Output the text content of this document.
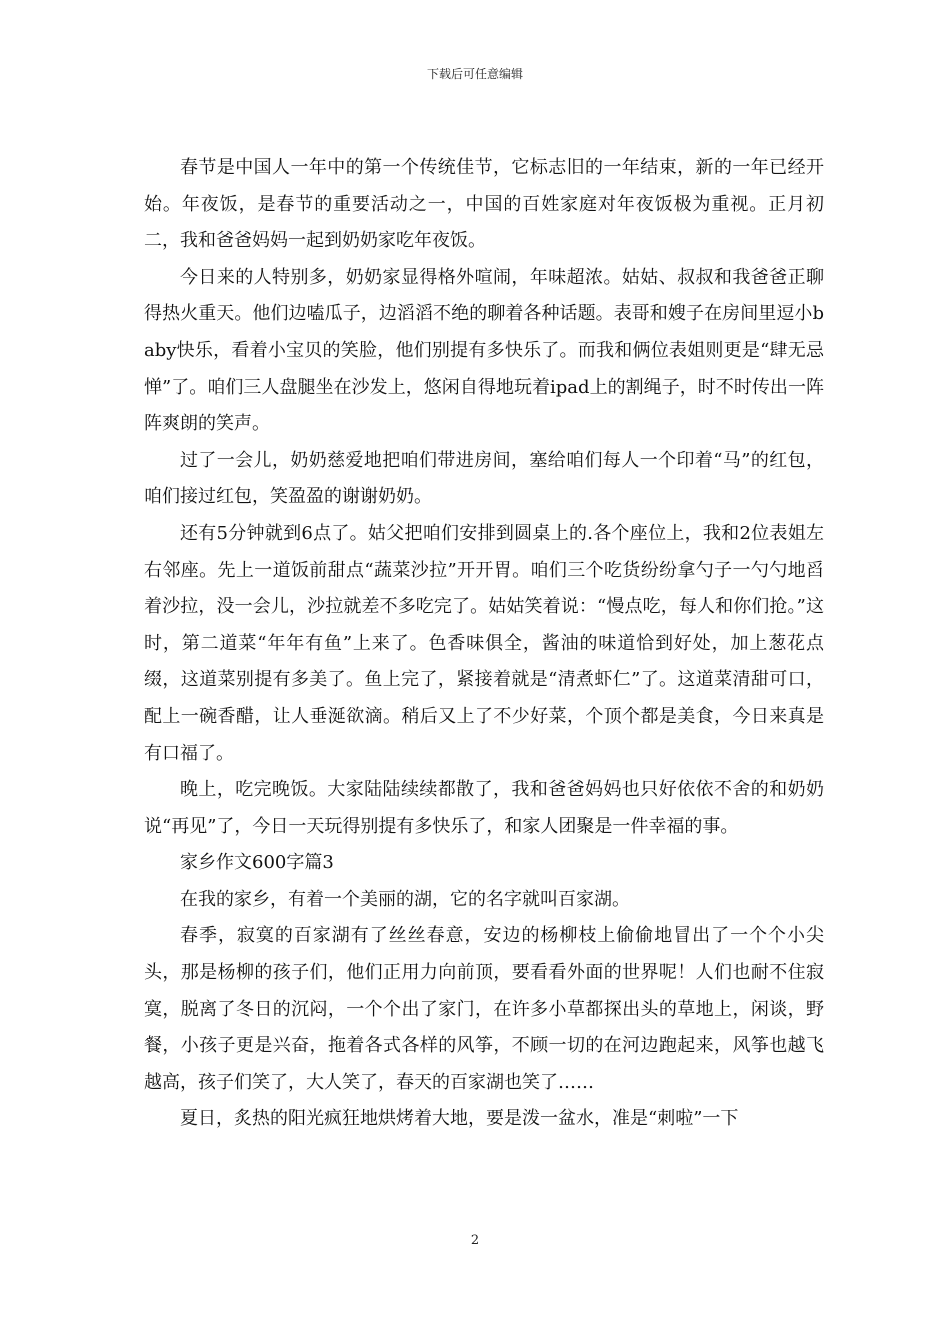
下载后可任意编辑

春节是中国人一年中的第一个传统佳节，它标志旧的一年结束，新的一年已经开始。年夜饭，是春节的重要活动之一，中国的百姓家庭对年夜饭极为重视。正月初二，我和爸爸妈妈一起到奶奶家吃年夜饭。

今日来的人特别多，奶奶家显得格外喧闹，年味超浓。姑姑、叔叔和我爸爸正聊得热火重天。他们边嗑瓜子，边滔滔不绝的聊着各种话题。表哥和嫂子在房间里逗小baby快乐，看着小宝贝的笑脸，他们别提有多快乐了。而我和俩位表姐则更是“肆无忌惮”了。咱们三人盘腿坐在沙发上，悠闲自得地玩着ipad上的割绳子，时不时传出一阵阵爽朗的笑声。

过了一会儿，奶奶慈爱地把咱们带进房间，塞给咱们每人一个印着“马”的红包，咱们接过红包，笑盈盈的谢谢奶奶。

还有5分钟就到6点了。姑父把咱们安排到圆桌上的.各个座位上，我和2位表姐左右邻座。先上一道饭前甜点“蔬菜沙拉”开开胃。咱们三个吃货纷纷拿勺子一勺勺地舀着沙拉，没一会儿，沙拉就差不多吃完了。姑姑笑着说：“慢点吃，每人和你们抢。”这时，第二道菜“年年有鱼”上来了。色香味俱全，酱油的味道恰到好处，加上葱花点缀，这道菜别提有多美了。鱼上完了，紧接着就是“清煮虾仁”了。这道菜清甜可口，配上一碗香醋，让人垂涎欲滴。稍后又上了不少好菜，个顶个都是美食，今日来真是有口福了。

晚上，吃完晚饭。大家陆陆续续都散了，我和爸爸妈妈也只好依依不舍的和奶奶说“再见”了，今日一天玩得别提有多快乐了，和家人团聚是一件幸福的事。

家乡作文600字篇3

在我的家乡，有着一个美丽的湖，它的名字就叫百家湖。

春季，寂寞的百家湖有了丝丝春意，安边的杨柳枝上偷偷地冒出了一个个小尖头，那是杨柳的孩子们，他们正用力向前顶，要看看外面的世界呢！人们也耐不住寂寞，脱离了冬日的沉闷，一个个出了家门，在许多小草都探出头的草地上，闲谈，野餐，小孩子更是兴奋，拖着各式各样的风筝，不顾一切的在河边跑起来，风筝也越飞越高，孩子们笑了，大人笑了，春天的百家湖也笑了……

夏日，炙热的阳光疯狂地烘烤着大地，要是泼一盆水，准是“刺啦”一下

2
